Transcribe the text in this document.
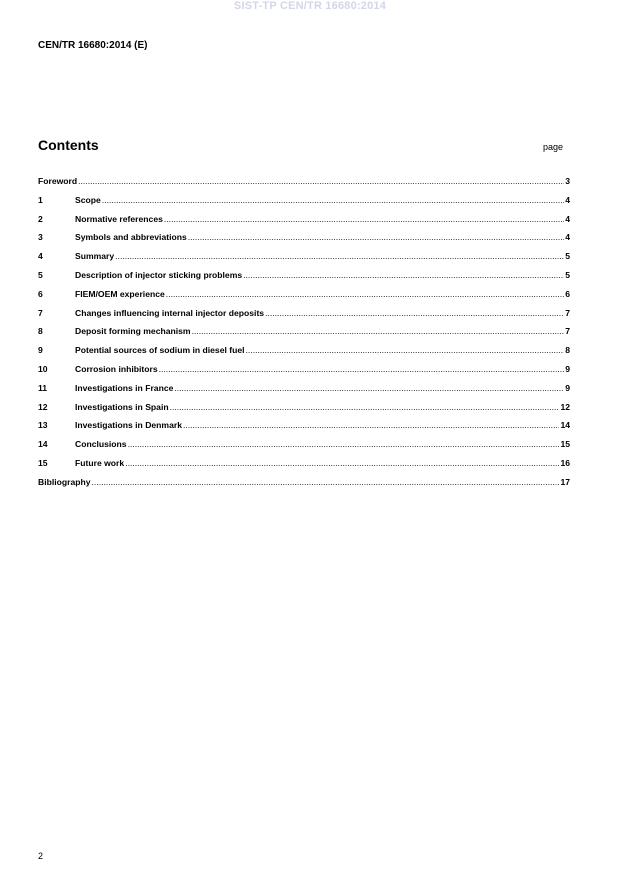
SIST-TP CEN/TR 16680:2014
CEN/TR 16680:2014 (E)
Contents	page
Foreword .....	3
1	Scope .....	4
2	Normative references .....	4
3	Symbols and abbreviations .....	4
4	Summary .....	5
5	Description of injector sticking problems .....	5
6	FIEM/OEM experience .....	6
7	Changes influencing internal injector deposits .....	7
8	Deposit forming mechanism .....	7
9	Potential sources of sodium in diesel fuel .....	8
10	Corrosion inhibitors .....	9
11	Investigations in France .....	9
12	Investigations in Spain .....	12
13	Investigations in Denmark .....	14
14	Conclusions .....	15
15	Future work .....	16
Bibliography .....	17
2
